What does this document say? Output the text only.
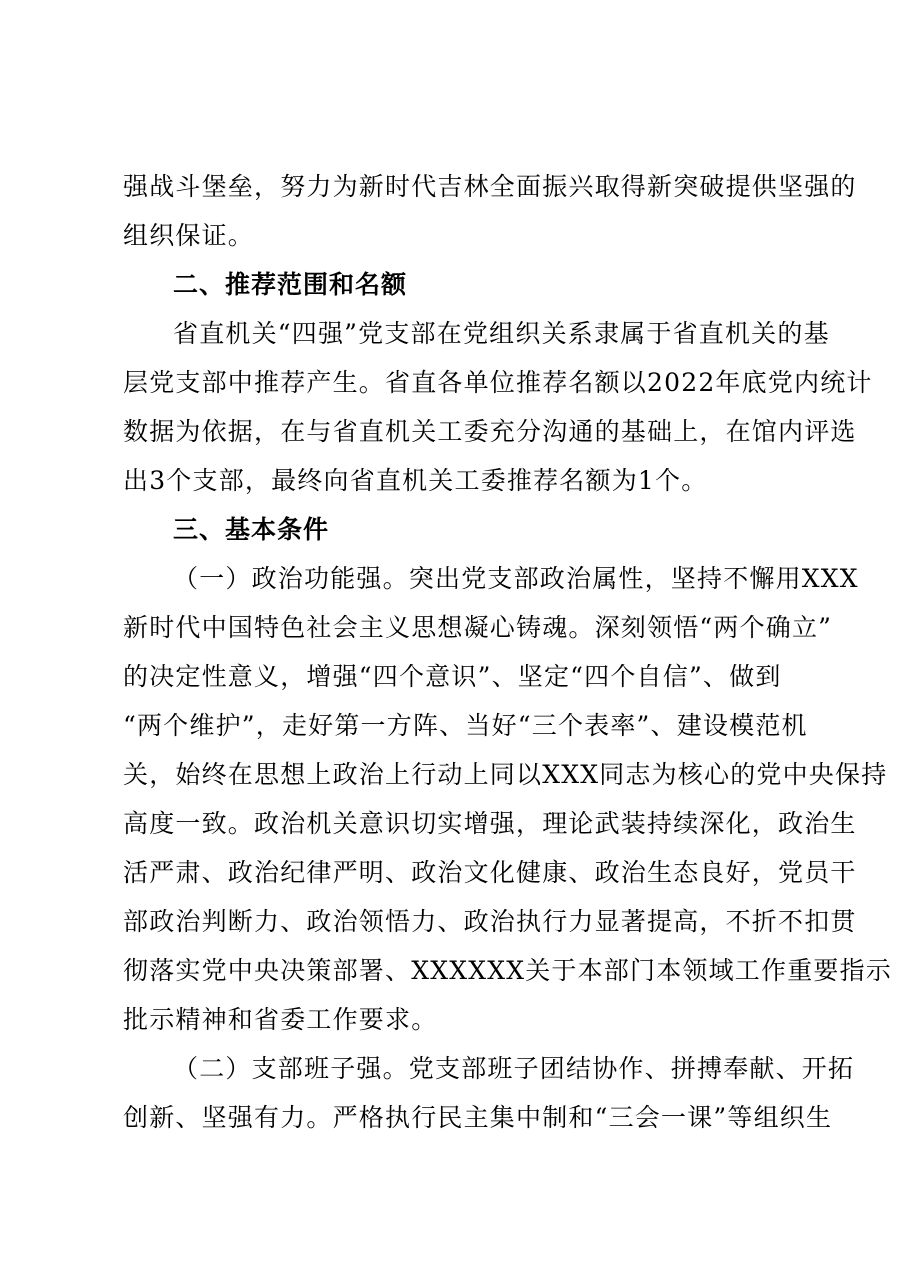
强战斗堡垒，努力为新时代吉林全面振兴取得新突破提供坚强的
组织保证。
二、推荐范围和名额
省直机关“四强”党支部在党组织关系隶属于省直机关的基
层党支部中推荐产生。省直各单位推荐名额以2022年底党内统计
数据为依据，在与省直机关工委充分沟通的基础上，在馆内评选
出3个支部，最终向省直机关工委推荐名额为1个。
三、基本条件
（一）政治功能强。突出党支部政治属性，坚持不懈用XXX
新时代中国特色社会主义思想凝心铸魂。深刻领悟“两个确立”
的决定性意义，增强“四个意识”、坚定“四个自信”、做到
“两个维护”，走好第一方阵、当好“三个表率”、建设模范机
关，始终在思想上政治上行动上同以XXX同志为核心的党中央保持
高度一致。政治机关意识切实增强，理论武装持续深化，政治生
活严肃、政治纪律严明、政治文化健康、政治生态良好，党员干
部政治判断力、政治领悟力、政治执行力显著提高，不折不扣贯
彻落实党中央决策部署、XXXXXX关于本部门本领域工作重要指示
批示精神和省委工作要求。
（二）支部班子强。党支部班子团结协作、拼搏奉献、开拓
创新、坚强有力。严格执行民主集中制和“三会一课”等组织生
